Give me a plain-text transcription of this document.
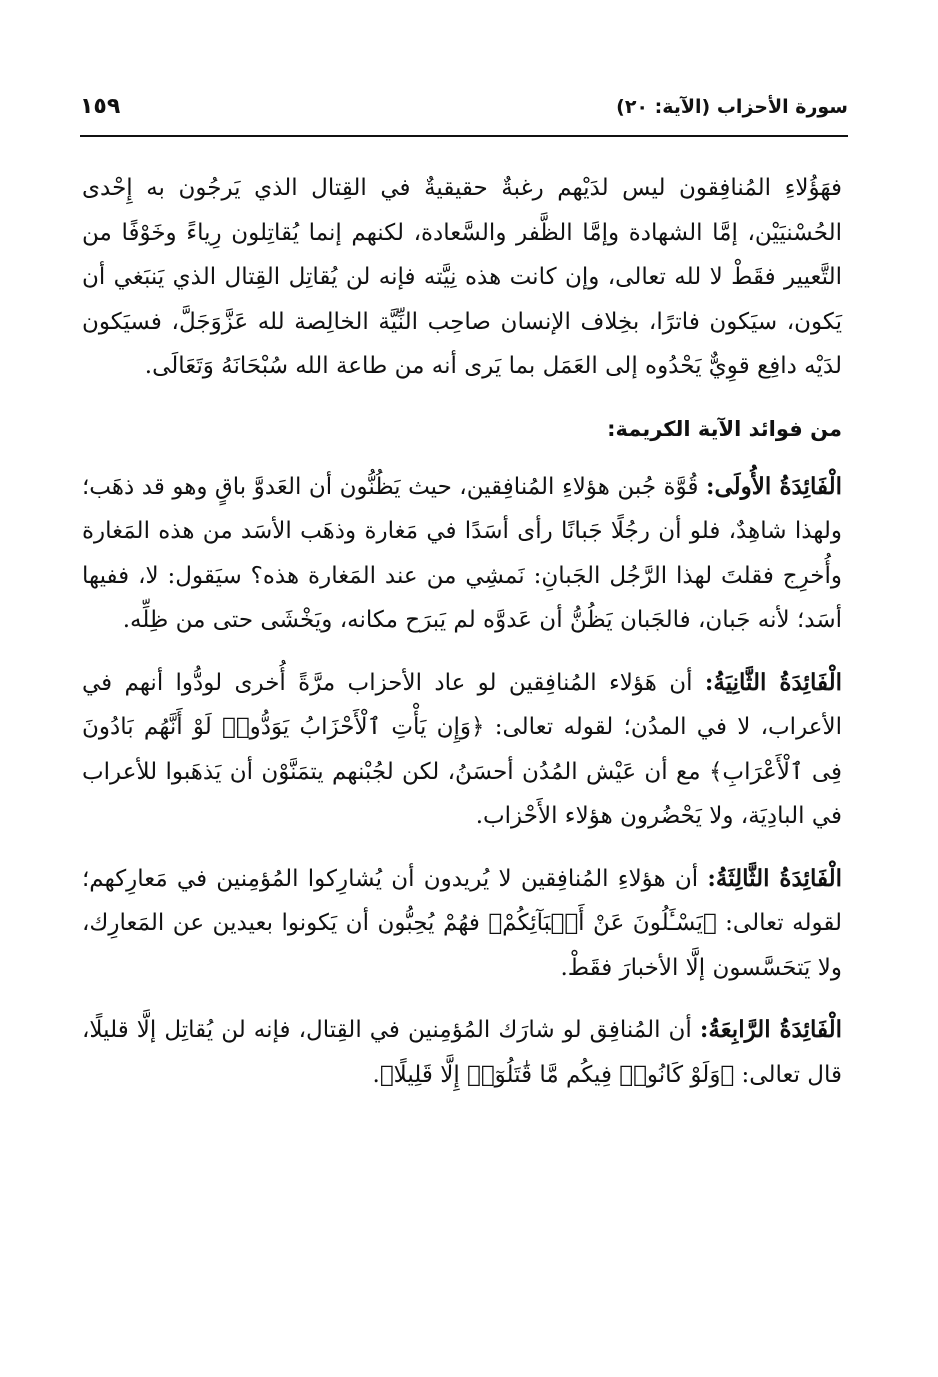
سورة الأحزاب (الآية: ٢٠)
١٥٩

فهَؤُلاءِ المُنافِقون ليس لدَيْهم رغبةٌ حقيقيةٌ في القِتال الذي يَرجُون به إِحْدى الحُسْنيَيْن، إمَّا الشهادة وإمَّا الظَّفر والسَّعادة، لكنهم إنما يُقاتِلون رِياءً وخَوْفًا من التَّعيير فقَطْ لا لله تعالى، وإن كانت هذه نِيَّته فإنه لن يُقاتِل القِتال الذي يَنبَغي أن يَكون، سيَكون فاترًا، بخِلاف الإنسان صاحِب النِّيَّة الخالِصة لله عَزَّوَجَلَّ، فسيَكون لدَيْه دافِع قوِيٌّ يَحْدُوه إلى العَمَل بما يَرى أنه من طاعة الله سُبْحَانَهُ وَتَعَالَى.

من فوائد الآية الكريمة:

الْفَائِدَةُ الأُولَى: قُوَّة جُبن هؤلاءِ المُنافِقين، حيث يَظُنُّون أن العَدوَّ باقٍ وهو قد ذهَب؛ ولهذا شاهِدٌ، فلو أن رجُلًا جَبانًا رأى أسَدًا في مَغارة وذهَب الأسَد من هذه المَغارة وأُخرِج فقلتَ لهذا الرَّجُل الجَبانِ: نَمشِي من عند المَغارة هذه؟ سيَقول: لا، ففيها أسَد؛ لأنه جَبان، فالجَبان يَظُنُّ أن عَدوَّه لم يَبرَح مكانه، ويَخْشَى حتى من ظِلِّه.

الْفَائِدَةُ الثَّانِيَةُ: أن هَؤلاء المُنافِقين لو عاد الأحزاب مرَّةً أُخرى لودُّوا أنهم في الأعراب، لا في المدُن؛ لقوله تعالى: ﴿وَإِن يَأْتِ ٱلْأَحْزَابُ يَوَدُّوا۟ لَوْ أَنَّهُم بَادُونَ فِى ٱلْأَعْرَابِ﴾ مع أن عَيْش المُدُن أحسَنُ، لكن لجُبْنهم يتمَنَّوْن أن يَذهَبوا للأعراب في البادِيَة، ولا يَحْضُرون هؤلاء الأَحْزاب.

الْفَائِدَةُ الثَّالِثَةُ: أن هؤلاءِ المُنافِقين لا يُريدون أن يُشارِكوا المُؤمِنين في مَعارِكهم؛ لقوله تعالى: ﴿يَسْـَٔلُونَ عَنْ أَنۢبَآئِكُمْ﴾ فهُمْ يُحِبُّون أن يَكونوا بعيدين عن المَعارِك، ولا يَتحَسَّسون إلَّا الأخبارَ فقَطْ.

الْفَائِدَةُ الرَّابِعَةُ: أن المُنافِق لو شارَك المُؤمِنين في القِتال، فإنه لن يُقاتِل إلَّا قليلًا، قال تعالى: ﴿وَلَوْ كَانُوا۟ فِيكُم مَّا قَٰتَلُوٓا۟ إِلَّا قَلِيلًا﴾.
